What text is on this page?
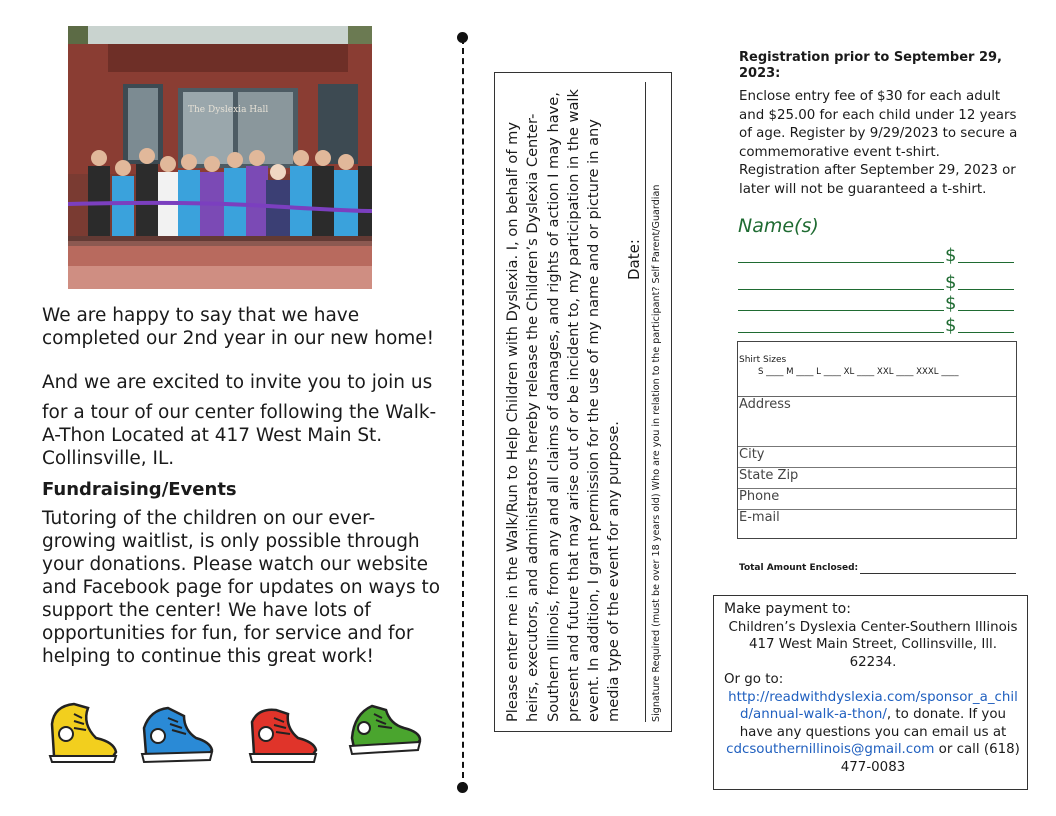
The Dyslexia Hall

We are happy to say that we have completed our 2nd year in our new home!

And we are excited to invite you to join us

for a tour of our center following the Walk-A-Thon Located at 417 West Main St. Collinsville, IL.

Fundraising/Events

Tutoring of the children on our ever-growing waitlist, is only possible through your donations. Please watch our website and Facebook page for updates on ways to support the center! We have lots of opportunities for fun, for service and for helping to continue this great work!	Please enter me in the Walk/Run to Help Children with Dyslexia. I, on behalf of my heirs, executors, and administrators hereby release the Children’s Dyslexia Center-Southern Illinois, from any and all claims of damages, and rights of action I may have, present and future that may arise out of or be incident to, my participation in the walk event. In addition, I grant permission for the use of my name and or picture in any media type of the event for any purpose.

Date: Signature Required (must be over 18 years old) Who are you in relation to the participant? Self Parent/Guardian

Registration prior to September 29, 2023:

Enclose entry fee of $30 for each adult and $25.00 for each child under 12 years of age. Register by 9/29/2023 to secure a commemorative event t-shirt.

Registration after September 29, 2023 or later will not be guaranteed a t-shirt.

Name(s)
$
$
$
$
Shirt Sizes
S ____ M ____ L ____ XL ____ XXL ____ XXXL ____
Address
City
State Zip
Phone
E-mail
Total Amount Enclosed:
Make payment to:
Children’s Dyslexia Center-Southern Illinois
417 West Main Street, Collinsville, Ill.
62234.
Or go to:
http://readwithdyslexia.com/sponsor_a_child/annual-walk-a-thon/, to donate. If you have any questions you can email us at
cdcsouthernillinois@gmail.com or call (618) 477-0083
